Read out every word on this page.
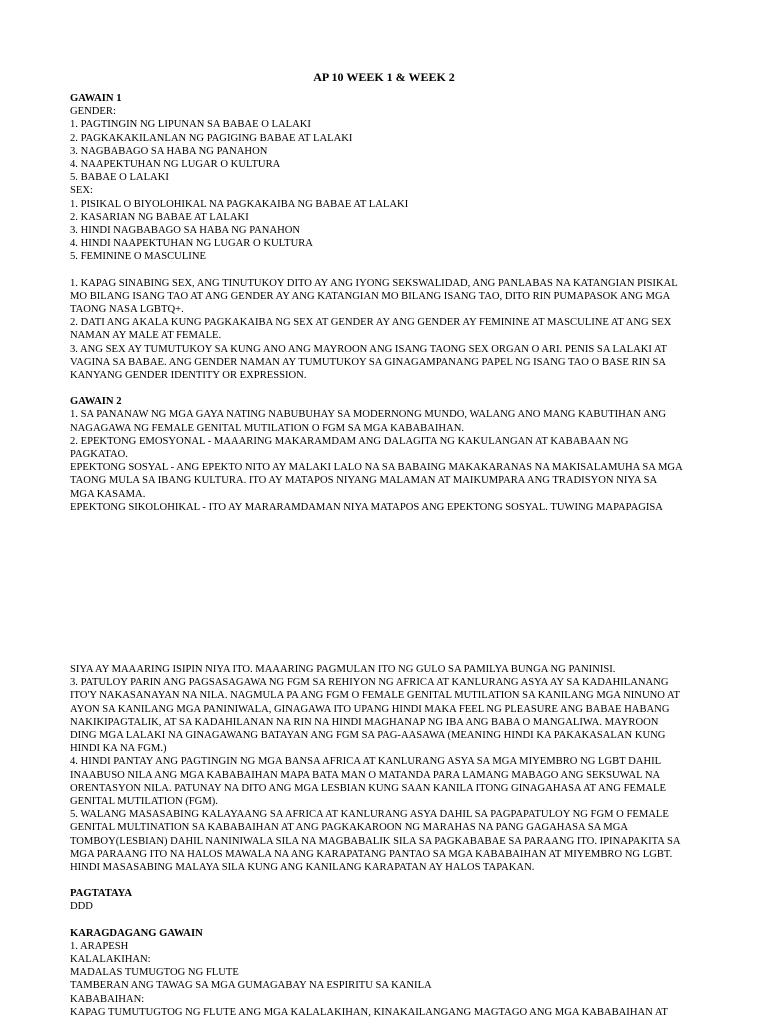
AP 10 WEEK 1 & WEEK 2
GAWAIN 1
GENDER:
1. PAGTINGIN NG LIPUNAN SA BABAE O LALAKI
2. PAGKAKAKILANLAN NG PAGIGING BABAE AT LALAKI
3. NAGBABAGO SA HABA NG PANAHON
4. NAAPEKTUHAN NG LUGAR O KULTURA
5. BABAE O LALAKI
SEX:
1. PISIKAL O BIYOLOHIKAL NA PAGKAKAIBA NG BABAE AT LALAKI
2. KASARIAN NG BABAE AT LALAKI
3. HINDI NAGBABAGO SA HABA NG PANAHON
4. HINDI NAAPEKTUHAN NG LUGAR O KULTURA
5. FEMININE O MASCULINE
1. KAPAG SINABING SEX, ANG TINUTUKOY DITO AY ANG IYONG SEKSWALIDAD, ANG PANLABAS NA KATANGIAN PISIKAL
MO BILANG ISANG TAO AT ANG GENDER AY ANG KATANGIAN MO BILANG ISANG TAO, DITO RIN PUMAPASOK ANG MGA
TAONG NASA LGBTQ+.
2. DATI ANG AKALA KUNG PAGKAKAIBA NG SEX AT GENDER AY ANG GENDER AY FEMININE AT MASCULINE AT ANG SEX
NAMAN AY MALE AT FEMALE.
3. ANG SEX AY TUMUTUKOY SA KUNG ANO ANG MAYROON ANG ISANG TAONG SEX ORGAN O ARI. PENIS SA LALAKI AT
VAGINA SA BABAE. ANG GENDER NAMAN AY TUMUTUKOY SA GINAGAMPANANG PAPEL NG ISANG TAO O BASE RIN SA
KANYANG GENDER IDENTITY OR EXPRESSION.
GAWAIN 2
1. SA PANANAW NG MGA GAYA NATING NABUBUHAY SA MODERNONG MUNDO, WALANG ANO MANG KABUTIHAN ANG
NAGAGAWA NG FEMALE GENITAL MUTILATION O FGM SA MGA KABABAIHAN.
2. EPEKTONG EMOSYONAL - MAAARING MAKARAMDAM ANG DALAGITA NG KAKULANGAN AT KABABAAN NG
PAGKATAO.
EPEKTONG SOSYAL - ANG EPEKTO NITO AY MALAKI LALO NA SA BABAING MAKAKARANAS NA MAKISALAMUHA SA MGA
TAONG MULA SA IBANG KULTURA. ITO AY MATAPOS NIYANG MALAMAN AT MAIKUMPARA ANG TRADISYON NIYA SA
MGA KASAMA.
EPEKTONG SIKOLOHIKAL - ITO AY MARARAMDAMAN NIYA MATAPOS ANG EPEKTONG SOSYAL. TUWING MAPAPAGISA
SIYA AY MAAARING ISIPIN NIYA ITO. MAAARING PAGMULAN ITO NG GULO SA PAMILYA BUNGA NG PANINISI.
3. PATULOY PARIN ANG PAGSASAGAWA NG FGM SA REHIYON NG AFRICA AT KANLURANG ASYA AY SA KADAHILANANG
ITO'Y NAKASANAYAN NA NILA. NAGMULA PA ANG FGM O FEMALE GENITAL MUTILATION SA KANILANG MGA NINUNO AT
AYON SA KANILANG MGA PANINIWALA, GINAGAWA ITO UPANG HINDI MAKA FEEL NG PLEASURE ANG BABAE HABANG
NAKIKIPAGTALIK, AT SA KADAHILANAN NA RIN NA HINDI MAGHANAP NG IBA ANG BABA O MANGALIWA. MAYROON
DING MGA LALAKI NA GINAGAWANG BATAYAN ANG FGM SA PAG-AASAWA (MEANING HINDI KA PAKAKASALAN KUNG
HINDI KA NA FGM.)
4. HINDI PANTAY ANG PAGTINGIN NG MGA BANSA AFRICA AT KANLURANG ASYA SA MGA MIYEMBRO NG LGBT DAHIL
INAABUSO NILA ANG MGA KABABAIHAN MAPA BATA MAN O MATANDA PARA LAMANG MABAGO ANG SEKSUWAL NA
ORENTASYON NILA. PATUNAY NA DITO ANG MGA LESBIAN KUNG SAAN KANILA ITONG GINAGAHASA AT ANG FEMALE
GENITAL MUTILATION (FGM).
5. WALANG MASASABING KALAYAANG SA AFRICA AT KANLURANG ASYA DAHIL SA PAGPAPATULOY NG FGM O FEMALE
GENITAL MULTINATION SA KABABAIHAN AT ANG PAGKAKAROON NG MARAHAS NA PANG GAGAHASA SA MGA
TOMBOY(LESBIAN) DAHIL NANINIWALA SILA NA MAGBABALIK SILA SA PAGKABABAE SA PARAANG ITO. IPINAPAKITA SA
MGA PARAANG ITO NA HALOS MAWALA NA ANG KARAPATANG PANTAO SA MGA KABABAIHAN AT MIYEMBRO NG LGBT.
HINDI MASASABING MALAYA SILA KUNG ANG KANILANG KARAPATAN AY HALOS TAPAKAN.
PAGTATAYA
DDD
KARAGDAGANG GAWAIN
1. ARAPESH
KALALAKIHAN:
MADALAS TUMUGTOG NG FLUTE
TAMBERAN ANG TAWAG SA MGA GUMAGABAY NA ESPIRITU SA KANILA
KABABAIHAN:
KAPAG TUMUTUGTOG NG FLUTE ANG MGA KALALAKIHAN, KINAKAILANGANG MAGTAGO ANG MGA KABABAIHAN AT
